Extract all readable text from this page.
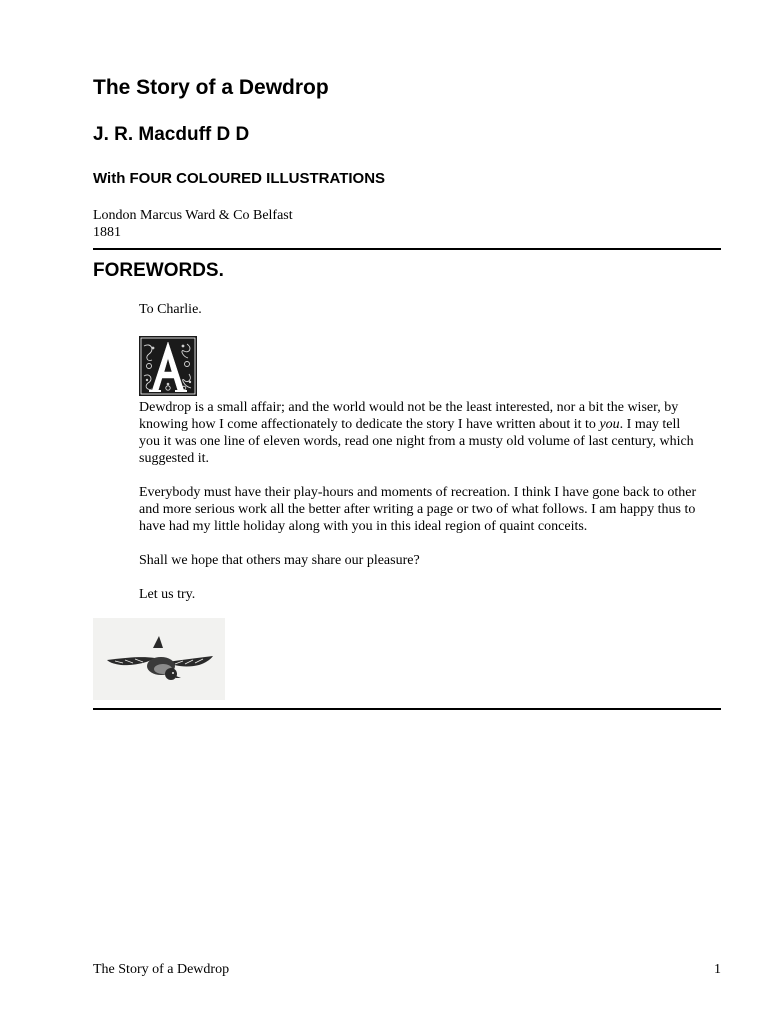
The Story of a Dewdrop
J. R. Macduff D D
With FOUR COLOURED ILLUSTRATIONS
London Marcus Ward & Co Belfast
1881
FOREWORDS.

To Charlie.

Dewdrop is a small affair; and the world would not be the least interested, nor a bit the wiser, by knowing how I come affectionately to dedicate the story I have written about it to you. I may tell you it was one line of eleven words, read one night from a musty old volume of last century, which suggested it.

Everybody must have their play-hours and moments of recreation. I think I have gone back to other and more serious work all the better after writing a page or two of what follows. I am happy thus to have had my little holiday along with you in this ideal region of quaint conceits.

Shall we hope that others may share our pleasure?

Let us try.

The Story of a Dewdrop	1
